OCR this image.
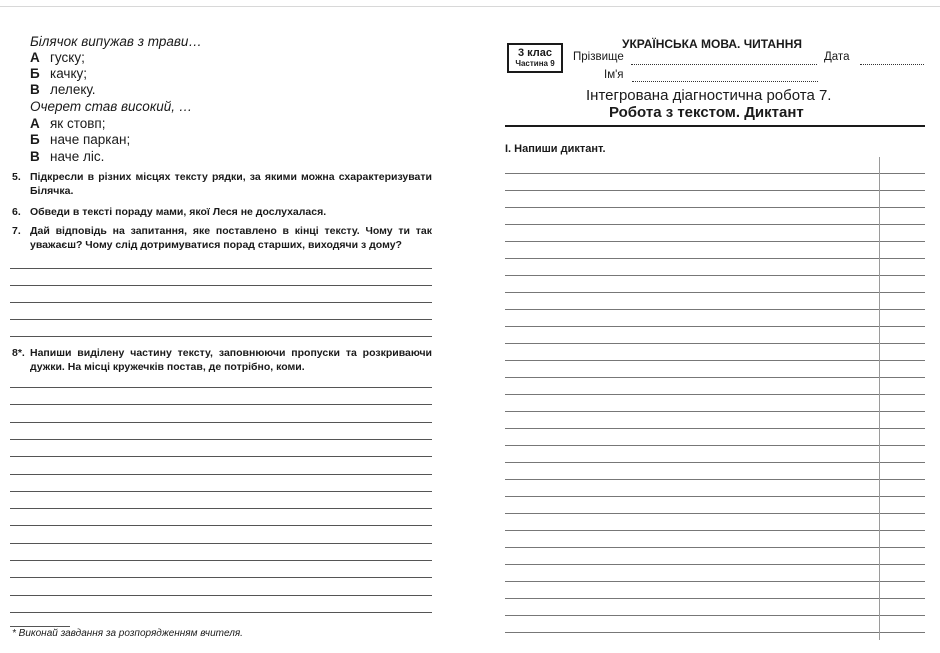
Білячок випужав з трави…
А гуску;
Б качку;
В лелеку.
Очерет став високий, …
А як стовп;
Б наче паркан;
В наче ліс.
5. Підкресли в різних місцях тексту рядки, за якими можна схарактеризувати Білячка.
6. Обведи в тексті пораду мами, якої Леся не дослухалася.
7. Дай відповідь на запитання, яке поставлено в кінці тексту. Чому ти так уважаєш? Чому слід дотримуватися порад старших, виходячи з дому?
8*. Напиши виділену частину тексту, заповнюючи пропуски та розкриваючи дужки. На місці кружечків постав, де потрібно, коми.
* Виконай завдання за розпорядженням вчителя.
3 клас
Частина 9
УКРАЇНСЬКА МОВА. ЧИТАННЯ
Прізвище	Дата
Ім'я
Інтегрована діагностична робота 7.
Робота з текстом. Диктант
І. Напиши диктант.
